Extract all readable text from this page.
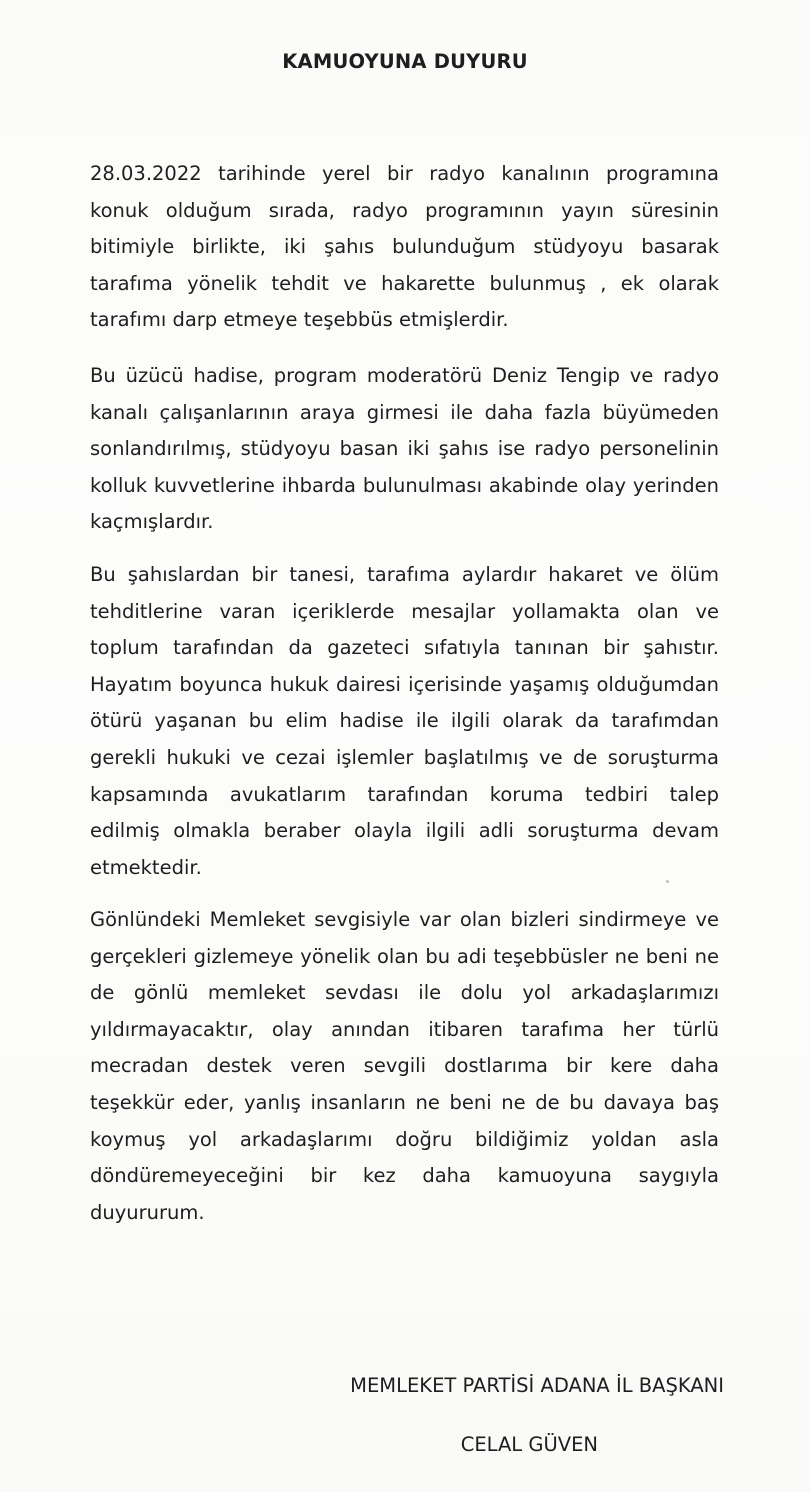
KAMUOYUNA DUYURU

28.03.2022 tarihinde yerel bir radyo kanalının programına konuk olduğum sırada, radyo programının yayın süresinin bitimiyle birlikte, iki şahıs bulunduğum stüdyoyu basarak tarafıma yönelik tehdit ve hakarette bulunmuş , ek olarak tarafımı darp etmeye teşebbüs etmişlerdir.

Bu üzücü hadise, program moderatörü Deniz Tengip ve radyo kanalı çalışanlarının araya girmesi ile daha fazla büyümeden sonlandırılmış, stüdyoyu basan iki şahıs ise radyo personelinin kolluk kuvvetlerine ihbarda bulunulması akabinde olay yerinden kaçmışlardır.

Bu şahıslardan bir tanesi, tarafıma aylardır hakaret ve ölüm tehditlerine varan içeriklerde mesajlar yollamakta olan ve toplum tarafından da gazeteci sıfatıyla tanınan bir şahıstır. Hayatım boyunca hukuk dairesi içerisinde yaşamış olduğumdan ötürü yaşanan bu elim hadise ile ilgili olarak da tarafımdan gerekli hukuki ve cezai işlemler başlatılmış ve de soruşturma kapsamında avukatlarım tarafından koruma tedbiri talep edilmiş olmakla beraber olayla ilgili adli soruşturma devam etmektedir.

Gönlündeki Memleket sevgisiyle var olan bizleri sindirmeye ve gerçekleri gizlemeye yönelik olan bu adi teşebbüsler ne beni ne de gönlü memleket sevdası ile dolu yol arkadaşlarımızı yıldırmayacaktır, olay anından itibaren tarafıma her türlü mecradan destek veren sevgili dostlarıma bir kere daha teşekkür eder, yanlış insanların ne beni ne de bu davaya baş koymuş yol arkadaşlarımı doğru bildiğimiz yoldan asla döndüremeyeceğini bir kez daha kamuoyuna saygıyla duyururum.

MEMLEKET PARTİSİ ADANA İL BAŞKANI
CELAL GÜVEN
